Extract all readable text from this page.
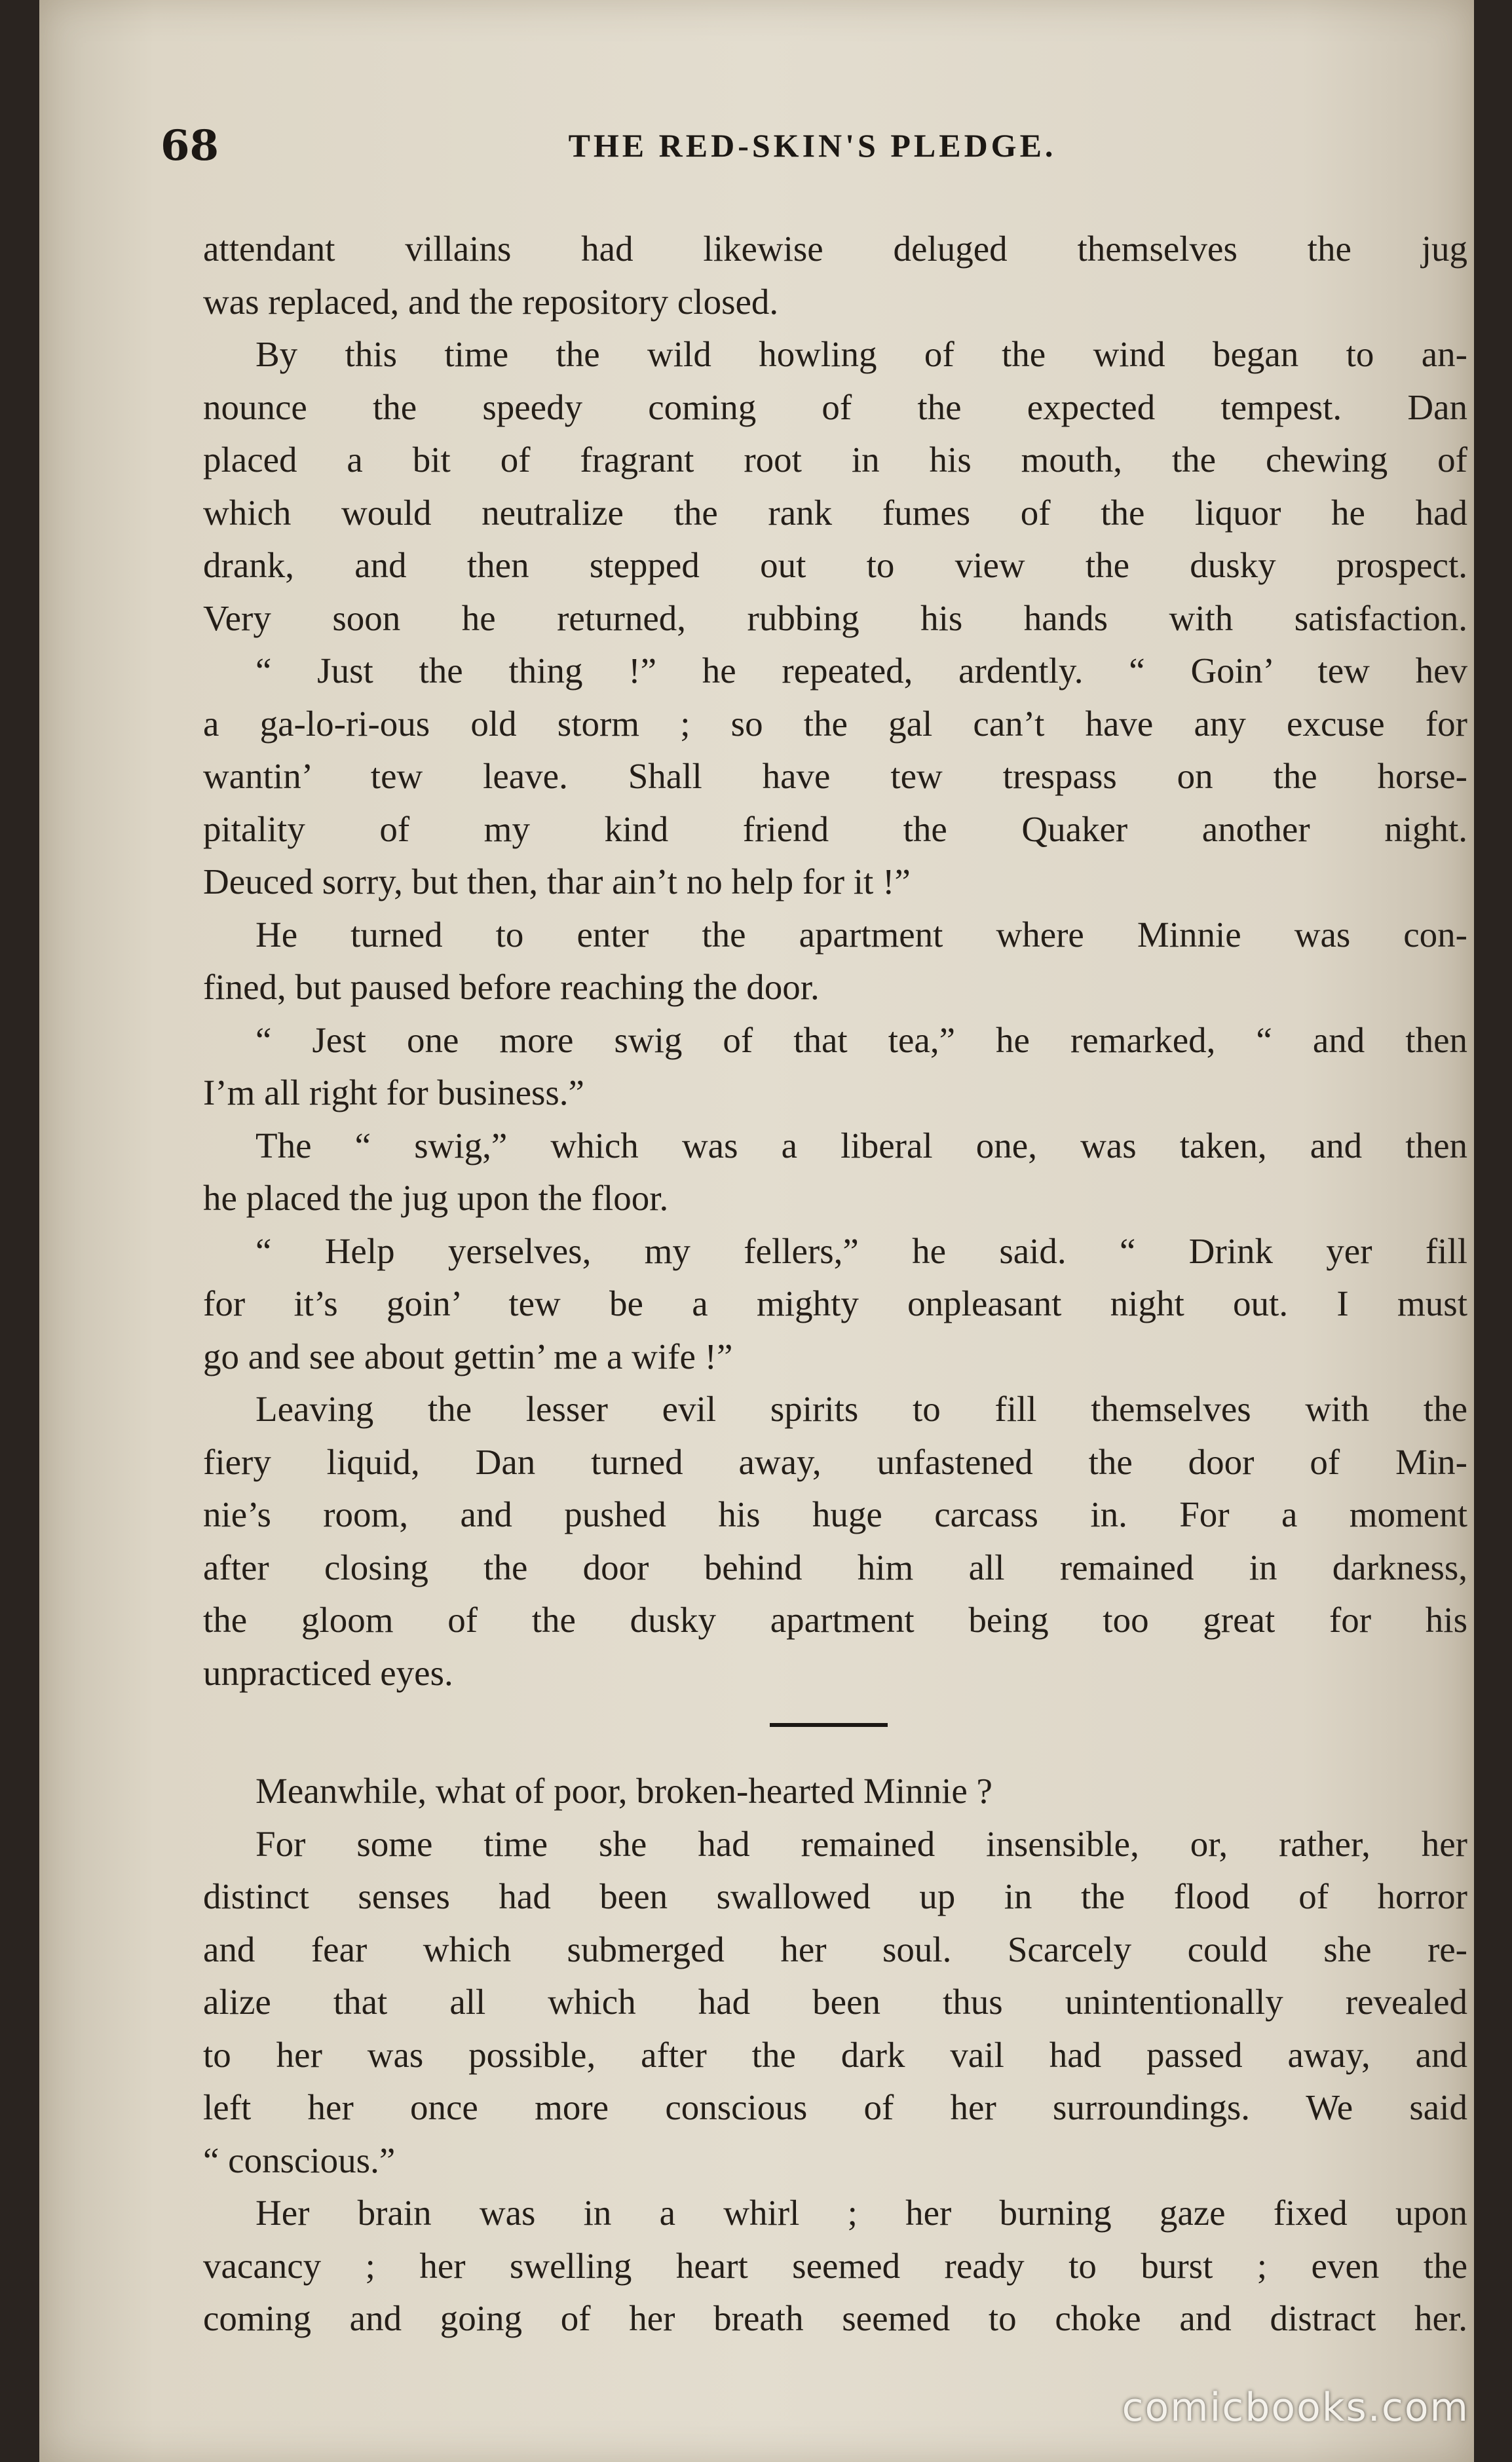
68	THE RED-SKIN'S PLEDGE.
attendant villains had likewise deluged themselves the jug
was replaced, and the repository closed.
By this time the wild howling of the wind began to an-
nounce the speedy coming of the expected tempest. Dan
placed a bit of fragrant root in his mouth, the chewing of
which would neutralize the rank fumes of the liquor he had
drank, and then stepped out to view the dusky prospect.
Very soon he returned, rubbing his hands with satisfaction.
“ Just the thing !” he repeated, ardently. “ Goin’ tew hev
a ga-lo-ri-ous old storm ; so the gal can’t have any excuse for
wantin’ tew leave. Shall have tew trespass on the horse-
pitality of my kind friend the Quaker another night.
Deuced sorry, but then, thar ain’t no help for it !”
He turned to enter the apartment where Minnie was con-
fined, but paused before reaching the door.
“ Jest one more swig of that tea,” he remarked, “ and then
I’m all right for business.”
The “ swig,” which was a liberal one, was taken, and then
he placed the jug upon the floor.
“ Help yerselves, my fellers,” he said. “ Drink yer fill
for it’s goin’ tew be a mighty onpleasant night out. I must
go and see about gettin’ me a wife !”
Leaving the lesser evil spirits to fill themselves with the
fiery liquid, Dan turned away, unfastened the door of Min-
nie’s room, and pushed his huge carcass in. For a moment
after closing the door behind him all remained in darkness,
the gloom of the dusky apartment being too great for his
unpracticed eyes.
Meanwhile, what of poor, broken-hearted Minnie ?
For some time she had remained insensible, or, rather, her
distinct senses had been swallowed up in the flood of horror
and fear which submerged her soul. Scarcely could she re-
alize that all which had been thus unintentionally revealed
to her was possible, after the dark vail had passed away, and
left her once more conscious of her surroundings. We said
“ conscious.”
Her brain was in a whirl ; her burning gaze fixed upon
vacancy ; her swelling heart seemed ready to burst ; even the
coming and going of her breath seemed to choke and distract her.
comicbooks.com
